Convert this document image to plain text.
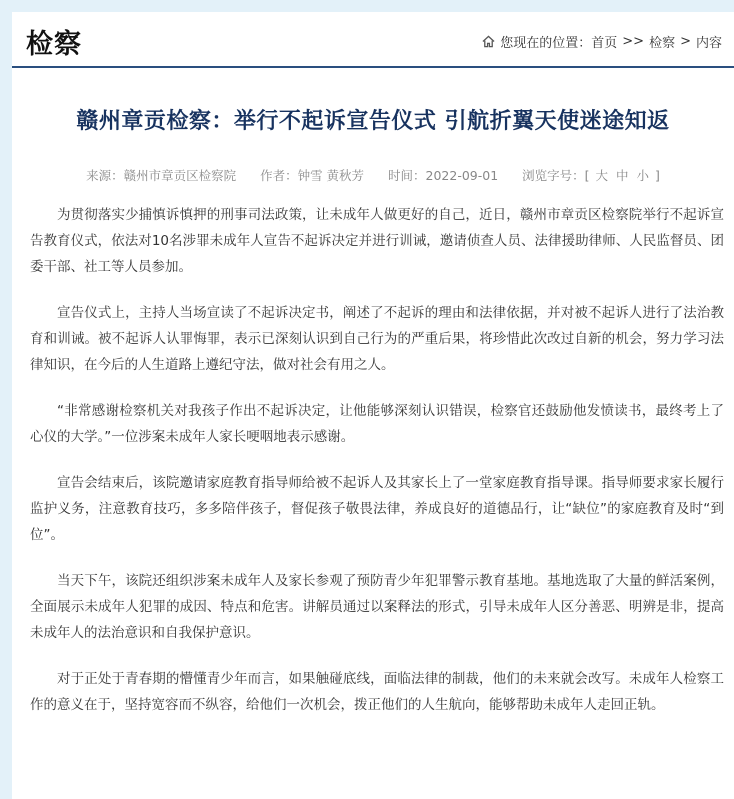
检察	您现在的位置： 首页 >> 检察 > 内容
赣州章贡检察：举行不起诉宣告仪式 引航折翼天使迷途知返
来源：赣州市章贡区检察院 作者：钟雪 黄秋芳 时间：2022-09-01 浏览字号：[ 大 中 小 ]

为贯彻落实少捕慎诉慎押的刑事司法政策，让未成年人做更好的自己，近日，赣州市章贡区检察院举行不起诉宣告教育仪式，依法对10名涉罪未成年人宣告不起诉决定并进行训诫，邀请侦查人员、法律援助律师、人民监督员、团委干部、社工等人员参加。

宣告仪式上，主持人当场宣读了不起诉决定书，阐述了不起诉的理由和法律依据，并对被不起诉人进行了法治教育和训诫。被不起诉人认罪悔罪，表示已深刻认识到自己行为的严重后果，将珍惜此次改过自新的机会，努力学习法律知识，在今后的人生道路上遵纪守法，做对社会有用之人。

“非常感谢检察机关对我孩子作出不起诉决定，让他能够深刻认识错误，检察官还鼓励他发愤读书，最终考上了心仪的大学。”一位涉案未成年人家长哽咽地表示感谢。

宣告会结束后，该院邀请家庭教育指导师给被不起诉人及其家长上了一堂家庭教育指导课。指导师要求家长履行监护义务，注意教育技巧，多多陪伴孩子，督促孩子敬畏法律，养成良好的道德品行，让“缺位”的家庭教育及时“到位”。

当天下午，该院还组织涉案未成年人及家长参观了预防青少年犯罪警示教育基地。基地选取了大量的鲜活案例，全面展示未成年人犯罪的成因、特点和危害。讲解员通过以案释法的形式，引导未成年人区分善恶、明辨是非，提高未成年人的法治意识和自我保护意识。

对于正处于青春期的懵懂青少年而言，如果触碰底线，面临法律的制裁，他们的未来就会改写。未成年人检察工作的意义在于，坚持宽容而不纵容，给他们一次机会，拨正他们的人生航向，能够帮助未成年人走回正轨。
